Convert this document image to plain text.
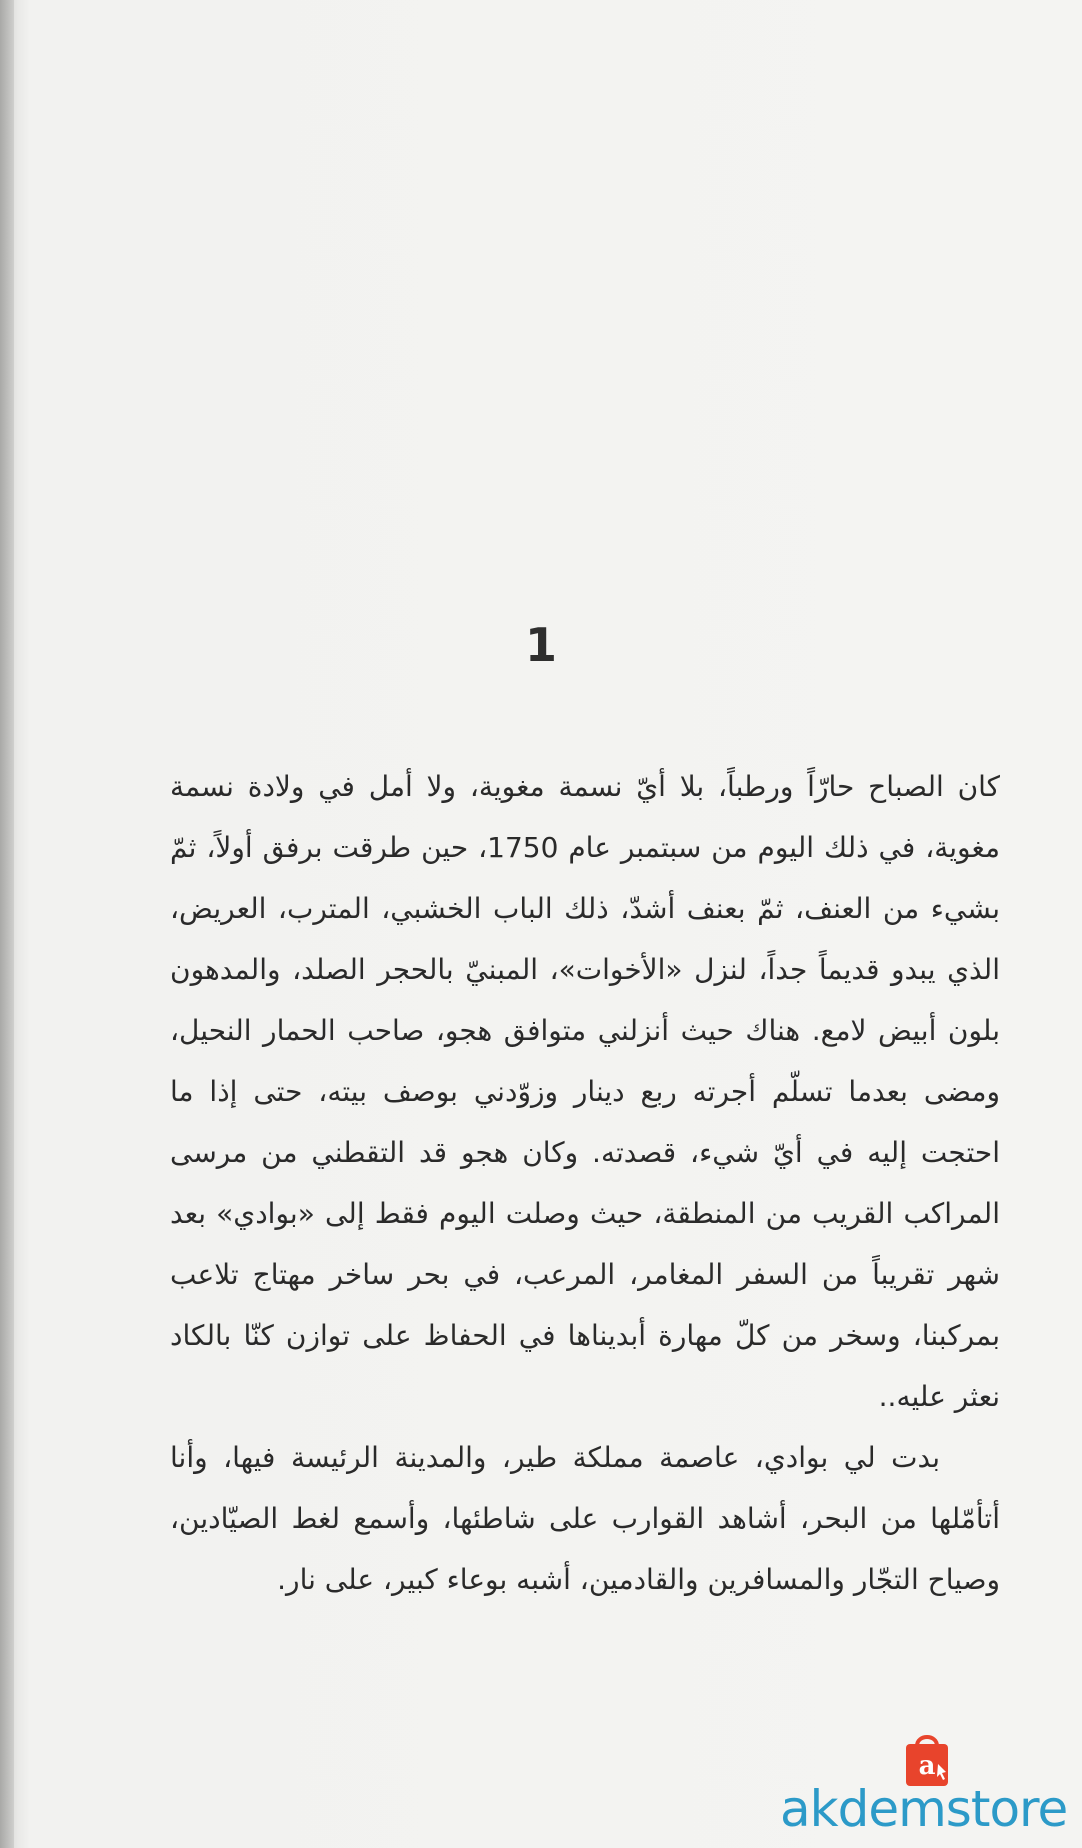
1

كان الصباح حارّاً ورطباً، بلا أيّ نسمة مغوية، ولا أمل في ولادة نسمة مغوية، في ذلك اليوم من سبتمبر عام 1750، حين طرقت برفق أولاً، ثمّ بشيء من العنف، ثمّ بعنف أشدّ، ذلك الباب الخشبي، المترب، العريض، الذي يبدو قديماً جداً، لنزل «الأخوات»، المبنيّ بالحجر الصلد، والمدهون بلون أبيض لامع. هناك حيث أنزلني متوافق هجو، صاحب الحمار النحيل، ومضى بعدما تسلّم أجرته ربع دينار وزوّدني بوصف بيته، حتى إذا ما احتجت إليه في أيّ شيء، قصدته. وكان هجو قد التقطني من مرسى المراكب القريب من المنطقة، حيث وصلت اليوم فقط إلى «بوادي» بعد شهر تقريباً من السفر المغامر، المرعب، في بحر ساخر مهتاج تلاعب بمركبنا، وسخر من كلّ مهارة أبديناها في الحفاظ على توازن كنّا بالكاد نعثر عليه..

بدت لي بوادي، عاصمة مملكة طير، والمدينة الرئيسة فيها، وأنا أتأمّلها من البحر، أشاهد القوارب على شاطئها، وأسمع لغط الصيّادين، وصياح التجّار والمسافرين والقادمين، أشبه بوعاء كبير، على نار.

a
akdemstore
